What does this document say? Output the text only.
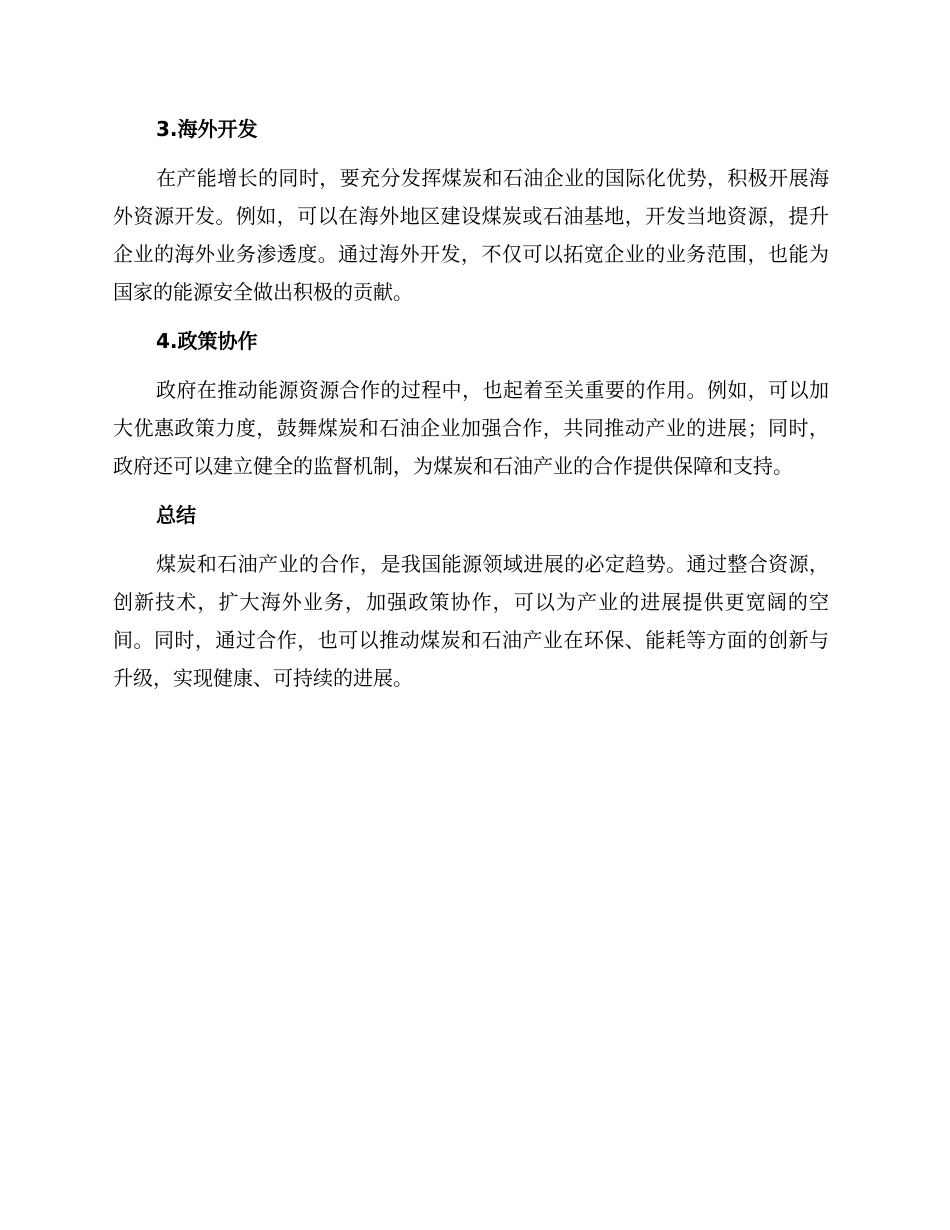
3.海外开发

在产能增长的同时，要充分发挥煤炭和石油企业的国际化优势，积极开展海外资源开发。例如，可以在海外地区建设煤炭或石油基地，开发当地资源，提升企业的海外业务渗透度。通过海外开发，不仅可以拓宽企业的业务范围，也能为国家的能源安全做出积极的贡献。

4.政策协作

政府在推动能源资源合作的过程中，也起着至关重要的作用。例如，可以加大优惠政策力度，鼓舞煤炭和石油企业加强合作，共同推动产业的进展；同时，政府还可以建立健全的监督机制，为煤炭和石油产业的合作提供保障和支持。

总结

煤炭和石油产业的合作，是我国能源领域进展的必定趋势。通过整合资源，创新技术，扩大海外业务，加强政策协作，可以为产业的进展提供更宽阔的空间。同时，通过合作，也可以推动煤炭和石油产业在环保、能耗等方面的创新与升级，实现健康、可持续的进展。
